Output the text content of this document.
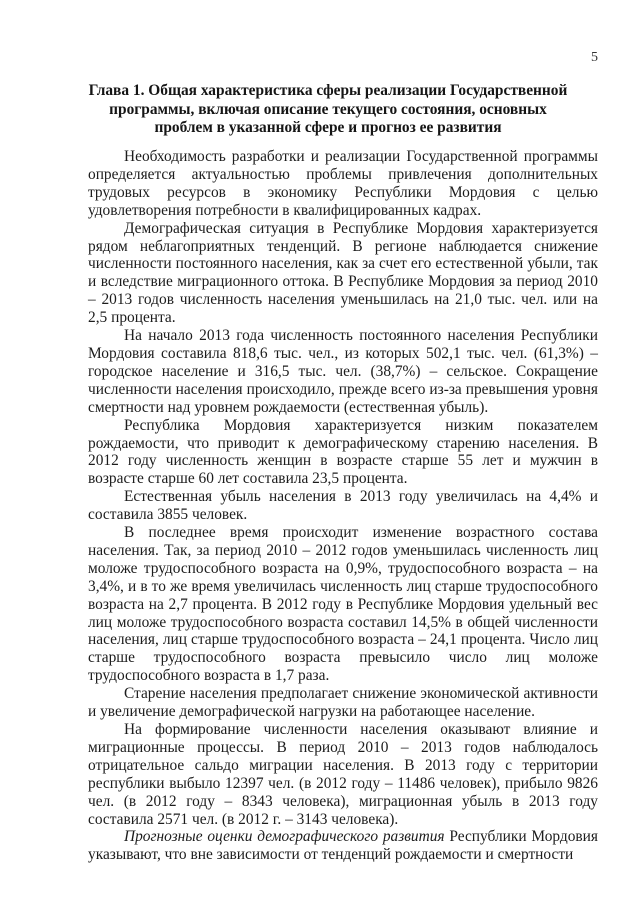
5
Глава 1. Общая характеристика сферы реализации Государственной программы, включая описание текущего состояния, основных проблем в указанной сфере и прогноз ее развития

Необходимость разработки и реализации Государственной программы определяется актуальностью проблемы привлечения дополнительных трудовых ресурсов в экономику Республики Мордовия с целью удовлетворения потребности в квалифицированных кадрах.

Демографическая ситуация в Республике Мордовия характеризуется рядом неблагоприятных тенденций. В регионе наблюдается снижение численности постоянного населения, как за счет его естественной убыли, так и вследствие миграционного оттока. В Республике Мордовия за период 2010 – 2013 годов численность населения уменьшилась на 21,0 тыс. чел. или на 2,5 процента.

На начало 2013 года численность постоянного населения Республики Мордовия составила 818,6 тыс. чел., из которых 502,1 тыс. чел. (61,3%) – городское население и 316,5 тыс. чел. (38,7%) – сельское. Сокращение численности населения происходило, прежде всего из-за превышения уровня смертности над уровнем рождаемости (естественная убыль).

Республика Мордовия характеризуется низким показателем рождаемости, что приводит к демографическому старению населения. В 2012 году численность женщин в возрасте старше 55 лет и мужчин в возрасте старше 60 лет составила 23,5 процента.

Естественная убыль населения в 2013 году увеличилась на 4,4% и составила 3855 человек.

В последнее время происходит изменение возрастного состава населения. Так, за период 2010 – 2012 годов уменьшилась численность лиц моложе трудоспособного возраста на 0,9%, трудоспособного возраста – на 3,4%, и в то же время увеличилась численность лиц старше трудоспособного возраста на 2,7 процента. В 2012 году в Республике Мордовия удельный вес лиц моложе трудоспособного возраста составил 14,5% в общей численности населения, лиц старше трудоспособного возраста – 24,1 процента. Число лиц старше трудоспособного возраста превысило число лиц моложе трудоспособного возраста в 1,7 раза.

Старение населения предполагает снижение экономической активности и увеличение демографической нагрузки на работающее население.

На формирование численности населения оказывают влияние и миграционные процессы. В период 2010 – 2013 годов наблюдалось отрицательное сальдо миграции населения. В 2013 году с территории республики выбыло 12397 чел. (в 2012 году – 11486 человек), прибыло 9826 чел. (в 2012 году – 8343 человека), миграционная убыль в 2013 году составила 2571 чел. (в 2012 г. – 3143 человека).

Прогнозные оценки демографического развития Республики Мордовия указывают, что вне зависимости от тенденций рождаемости и смертности
